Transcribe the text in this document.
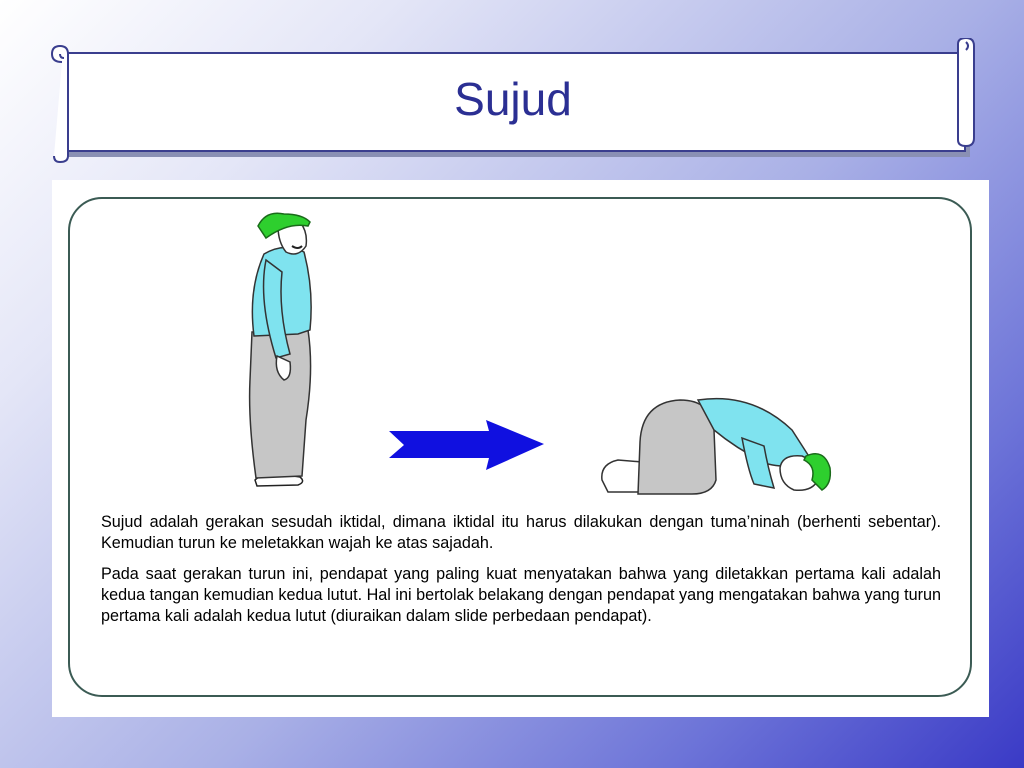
Sujud

Sujud adalah gerakan sesudah iktidal, dimana iktidal itu harus dilakukan dengan tuma’ninah (berhenti sebentar). Kemudian turun ke meletakkan wajah ke atas sajadah.

Pada saat gerakan turun ini, pendapat yang paling kuat menyatakan bahwa yang diletakkan pertama kali adalah kedua tangan kemudian kedua lutut. Hal ini bertolak belakang dengan pendapat yang mengatakan bahwa yang turun pertama kali adalah kedua lutut (diuraikan dalam slide perbedaan pendapat).
